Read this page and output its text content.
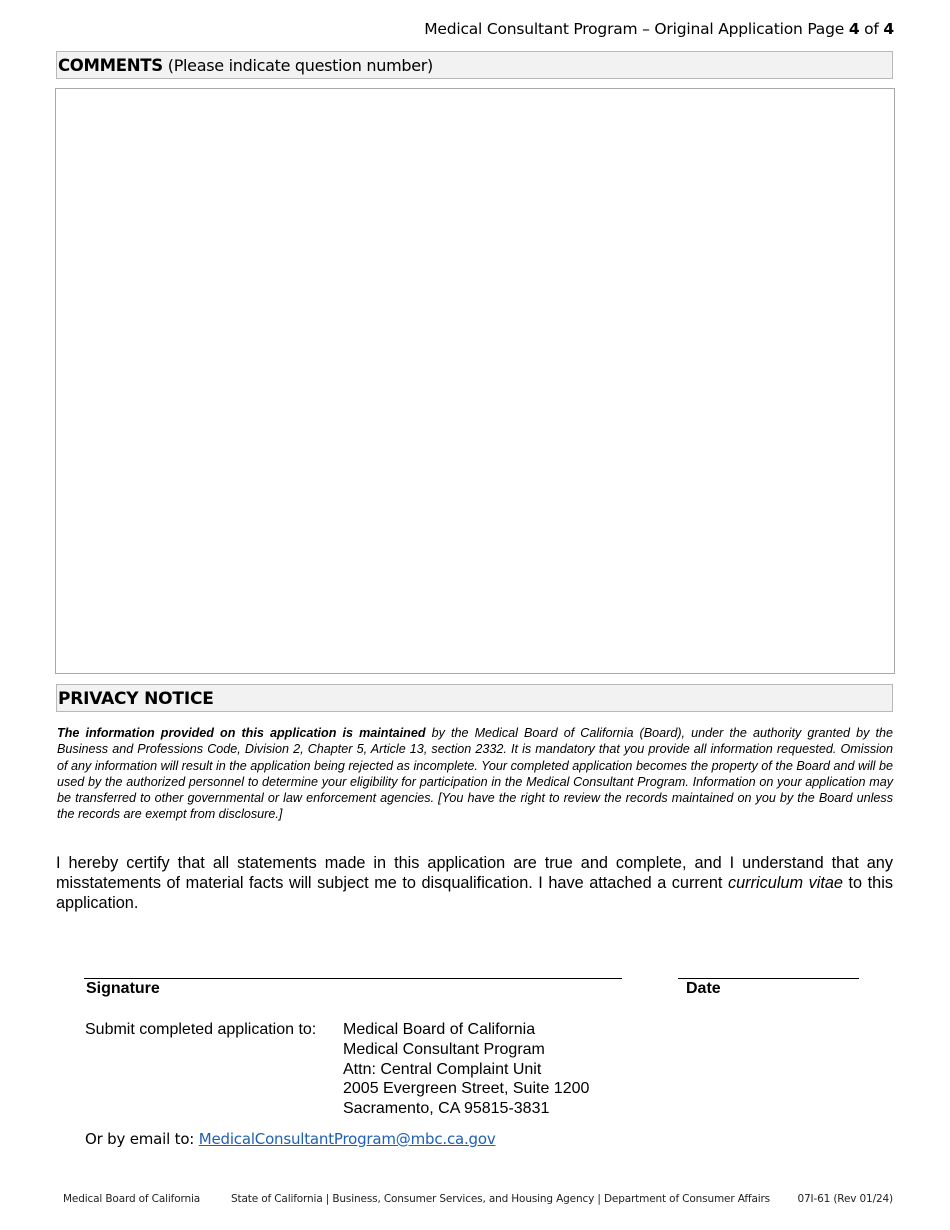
Medical Consultant Program – Original Application Page 4 of 4
COMMENTS (Please indicate question number)
PRIVACY NOTICE
The information provided on this application is maintained by the Medical Board of California (Board), under the authority granted by the Business and Professions Code, Division 2, Chapter 5, Article 13, section 2332. It is mandatory that you provide all information requested. Omission of any information will result in the application being rejected as incomplete. Your completed application becomes the property of the Board and will be used by the authorized personnel to determine your eligibility for participation in the Medical Consultant Program. Information on your application may be transferred to other governmental or law enforcement agencies. [You have the right to review the records maintained on you by the Board unless the records are exempt from disclosure.]
I hereby certify that all statements made in this application are true and complete, and I understand that any misstatements of material facts will subject me to disqualification. I have attached a current curriculum vitae to this application.
Signature	Date
Submit completed application to: Medical Board of California
Medical Consultant Program
Attn: Central Complaint Unit
2005 Evergreen Street, Suite 1200
Sacramento, CA 95815-3831
Or by email to: MedicalConsultantProgram@mbc.ca.gov
Medical Board of California	State of California | Business, Consumer Services, and Housing Agency | Department of Consumer Affairs	07I-61 (Rev 01/24)
